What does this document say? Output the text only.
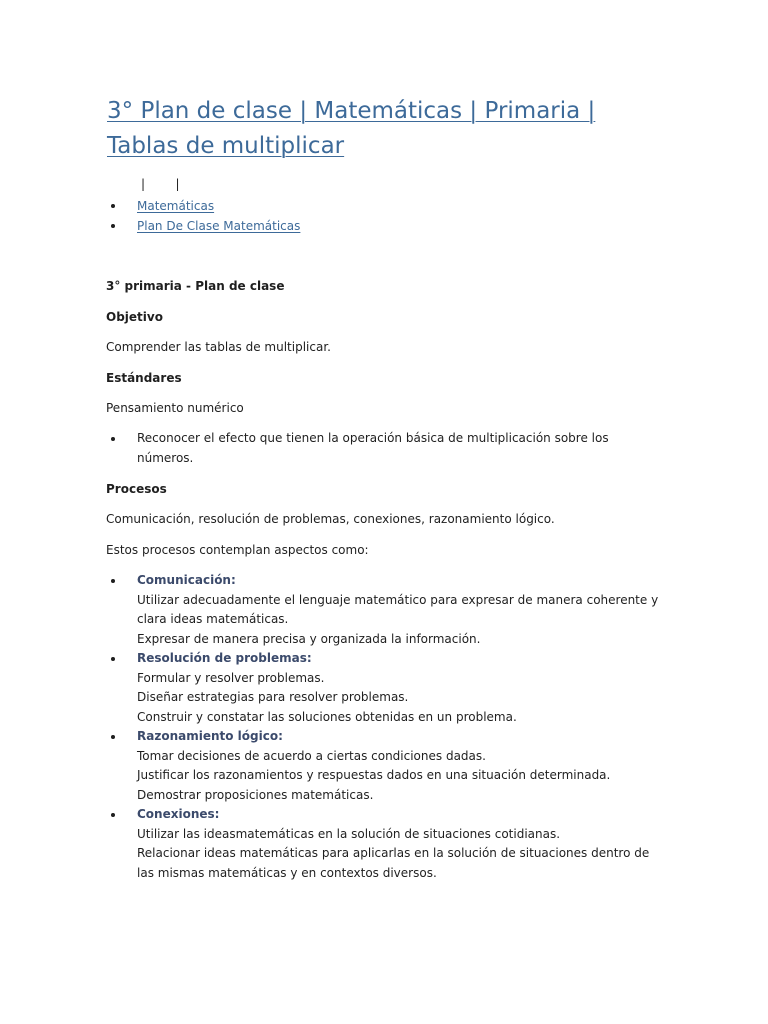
3° Plan de clase | Matemáticas | Primaria | Tablas de multiplicar
|        |
Matemáticas
Plan De Clase Matemáticas
3° primaria - Plan de clase
Objetivo
Comprender las tablas de multiplicar.
Estándares
Pensamiento numérico
Reconocer el efecto que tienen la operación básica de multiplicación sobre los
números.
Procesos
Comunicación, resolución de problemas, conexiones, razonamiento lógico.
Estos procesos contemplan aspectos como:
Comunicación:
Utilizar adecuadamente el lenguaje matemático para expresar de manera coherente y
clara ideas matemáticas.
Expresar de manera precisa y organizada la información.
Resolución de problemas:
Formular y resolver problemas.
Diseñar estrategias para resolver problemas.
Construir y constatar las soluciones obtenidas en un problema.
Razonamiento lógico:
Tomar decisiones de acuerdo a ciertas condiciones dadas.
Justificar los razonamientos y respuestas dados en una situación determinada.
Demostrar proposiciones matemáticas.
Conexiones:
Utilizar las ideasmatemáticas en la solución de situaciones cotidianas.
Relacionar ideas matemáticas para aplicarlas en la solución de situaciones dentro de
las mismas matemáticas y en contextos diversos.
